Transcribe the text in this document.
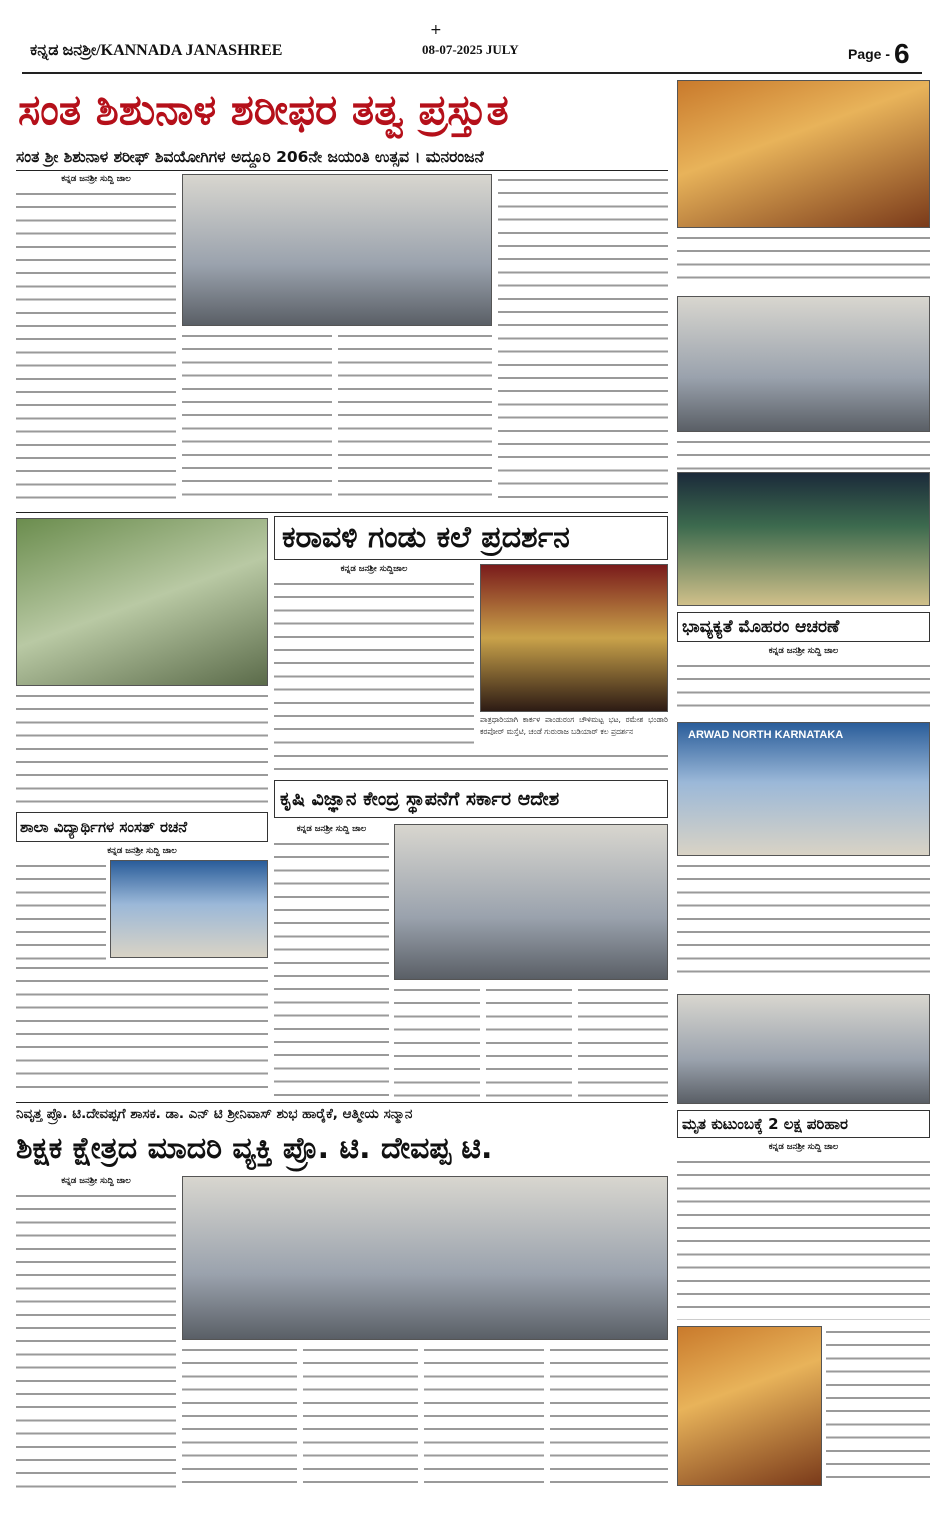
+
ಕನ್ನಡ ಜನಶ್ರೀ/KANNADA JANASHREE	08-07-2025 JULY	Page - 6
ಸಂತ ಶಿಶುನಾಳ ಶರೀಫರ ತತ್ವ ಪ್ರಸ್ತುತ
ಸಂತ ಶ್ರೀ ಶಿಶುನಾಳ ಶರೀಫ್ ಶಿವಯೋಗಿಗಳ ಅದ್ದೂರಿ 206ನೇ ಜಯಂತಿ ಉತ್ಸವ । ಮನರಂಜನೆ
ಕನ್ನಡ ಜನಶ್ರೀ ಸುದ್ದಿ ಜಾಲ
ಕರಾವಳಿ ಗಂಡು ಕಲೆ ಪ್ರದರ್ಶನ
ಕನ್ನಡ ಜನಶ್ರೀ ಸುದ್ದಿಜಾಲ
ಪಾತ್ರಧಾರಿಯಾಗಿ ಕಾರ್ಕಳ ಪಾಂಡುರಂಗ ಚೌಳಿಮಟ್ಟ ಭಟ, ರಮೇಶ ಭಂಡಾರಿ ಕರಪೋರ್ ಮಸ್ತೆಟಿ, ಚಂಡೆ ಗುರುರಾಜ ಬಡಿಯಾರ್ ಕಲ ಪ್ರದರ್ಶನ
ಕೃಷಿ ವಿಜ್ಞಾನ ಕೇಂದ್ರ ಸ್ಥಾಪನೆಗೆ ಸರ್ಕಾರ ಆದೇಶ
ಕನ್ನಡ ಜನಶ್ರೀ ಸುದ್ದಿ ಜಾಲ
ಶಾಲಾ ವಿದ್ಯಾರ್ಥಿಗಳ ಸಂಸತ್ ರಚನೆ
ಕನ್ನಡ ಜನಶ್ರೀ ಸುದ್ದಿ ಜಾಲ
ಭಾವ್ಯಕ್ಯತೆ ಮೊಹರಂ ಆಚರಣೆ
ಕನ್ನಡ ಜನಶ್ರೀ ಸುದ್ದಿ ಜಾಲ
ARWAD NORTH KARNATAKA
ಮೃತ ಕುಟುಂಬಕ್ಕೆ 2 ಲಕ್ಷ ಪರಿಹಾರ
ಕನ್ನಡ ಜನಶ್ರೀ ಸುದ್ದಿ ಜಾಲ
ನಿವೃತ್ತ ಪ್ರೊ. ಟಿ.ದೇವಪ್ಪಗೆ ಶಾಸಕ. ಡಾ. ಎನ್ ಟಿ ಶ್ರೀನಿವಾಸ್ ಶುಭ ಹಾರೈಕೆ, ಆತ್ಮೀಯ ಸನ್ಮಾನ
ಶಿಕ್ಷಕ ಕ್ಷೇತ್ರದ ಮಾದರಿ ವ್ಯಕ್ತಿ ಪ್ರೊ. ಟಿ. ದೇವಪ್ಪ ಟಿ.
ಕನ್ನಡ ಜನಶ್ರೀ ಸುದ್ದಿ ಜಾಲ
